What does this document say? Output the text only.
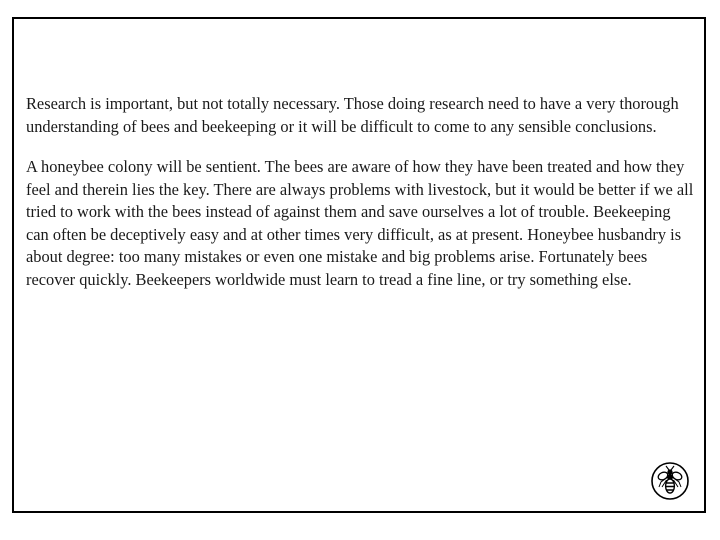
Research is important, but not totally necessary. Those doing research need to have a very thorough understanding of bees and beekeeping or it will be difficult to come to any sensible conclusions.

A honeybee colony will be sentient. The bees are aware of how they have been treated and how they feel and therein lies the key. There are always problems with livestock, but it would be better if we all tried to work with the bees instead of against them and save ourselves a lot of trouble. Beekeeping can often be deceptively easy and at other times very difficult, as at present. Honeybee husbandry is about degree: too many mistakes or even one mistake and big problems arise. Fortunately bees recover quickly. Beekeepers worldwide must learn to tread a fine line, or try something else.
